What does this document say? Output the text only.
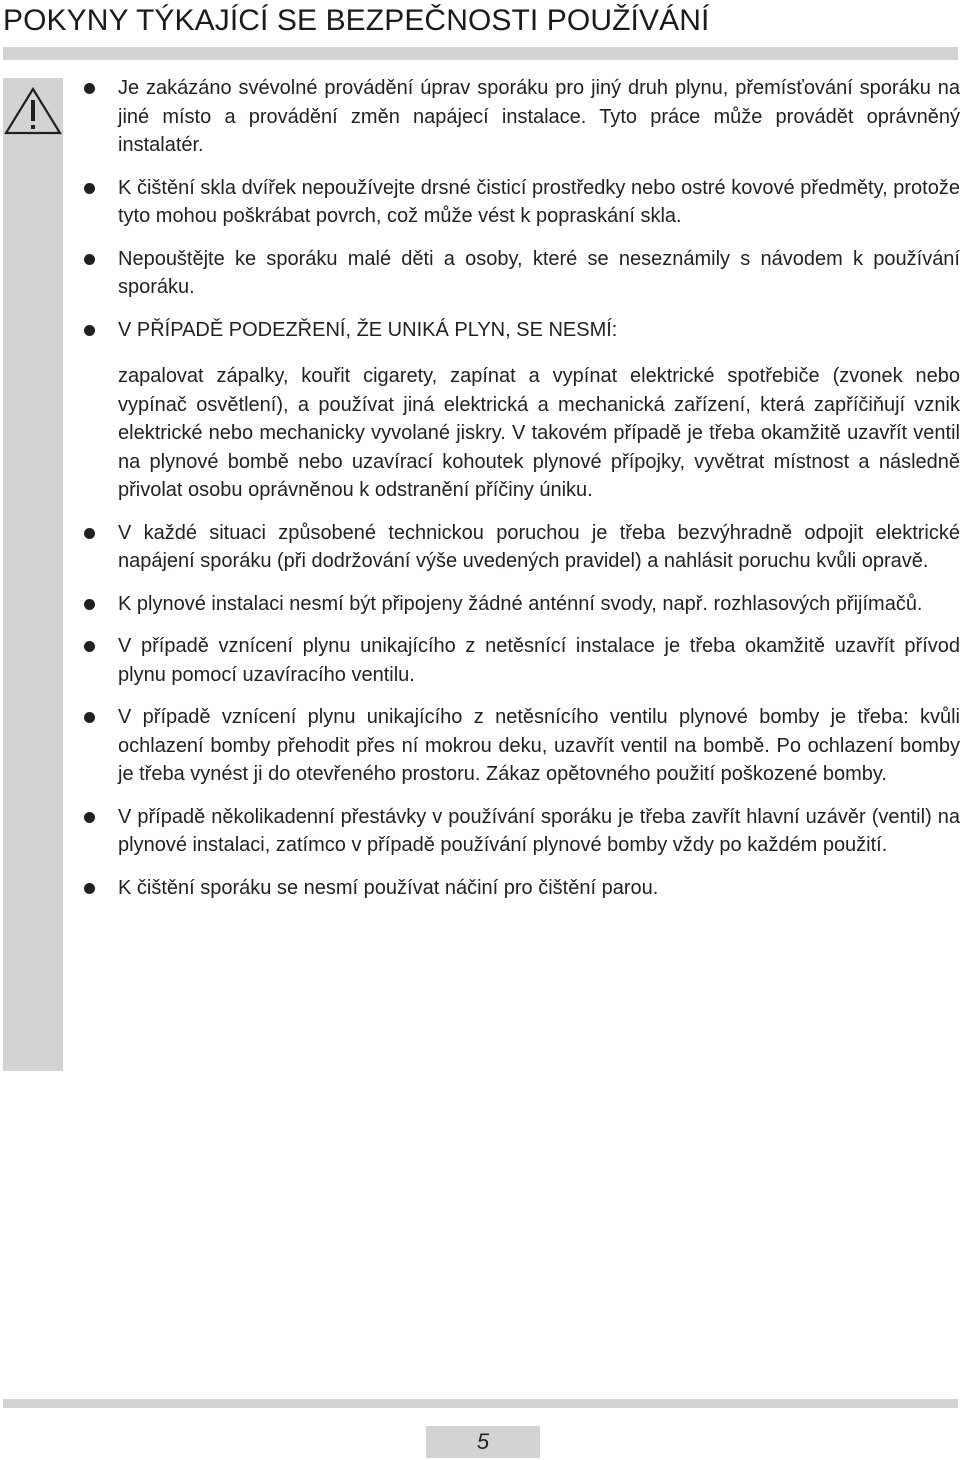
POKYNY TÝKAJÍCÍ SE BEZPEČNOSTI POUŽÍVÁNÍ

Je zakázáno svévolné provádění úprav sporáku pro jiný druh plynu, přemísťování sporáku na jiné místo a provádění změn napájecí instalace. Tyto práce může provádět oprávněný instalatér.

K čištění skla dvířek nepoužívejte drsné čisticí prostředky nebo ostré kovové předměty, protože tyto mohou poškrábat povrch, což může vést k popraskání skla.

Nepouštějte ke sporáku malé děti a osoby, které se neseznámily s návodem k používání sporáku.

V PŘÍPADĚ PODEZŘENÍ, ŽE UNIKÁ PLYN, SE NESMÍ:

zapalovat zápalky, kouřit cigarety, zapínat a vypínat elektrické spotřebiče (zvonek nebo vypínač osvětlení), a používat jiná elektrická a mechanická zařízení, která zapříčiňují vznik elektrické nebo mechanicky vyvolané jiskry. V takovém případě je třeba okamžitě uzavřít ventil na plynové bombě nebo uzavírací kohoutek plynové přípojky, vyvětrat místnost a následně přivolat osobu oprávněnou k odstranění příčiny úniku.

V každé situaci způsobené technickou poruchou je třeba bezvýhradně odpojit elektrické napájení sporáku (při dodržování výše uvedených pravidel) a nahlásit poruchu kvůli opravě.

K plynové instalaci nesmí být připojeny žádné anténní svody, např. rozhlasových přijímačů.

V případě vznícení plynu unikajícího z netěsnící instalace je třeba okamžitě uzavřít přívod plynu pomocí uzavíracího ventilu.

V případě vznícení plynu unikajícího z netěsnícího ventilu plynové bomby je třeba: kvůli ochlazení bomby přehodit přes ní mokrou deku, uzavřít ventil na bombě. Po ochlazení bomby je třeba vynést ji do otevřeného prostoru. Zákaz opětovného použití poškozené bomby.

V případě několikadenní přestávky v používání sporáku je třeba zavřít hlavní uzávěr (ventil) na plynové instalaci, zatímco v případě používání plynové bomby vždy po každém použití.

K čištění sporáku se nesmí používat náčiní pro čištění parou.

5
